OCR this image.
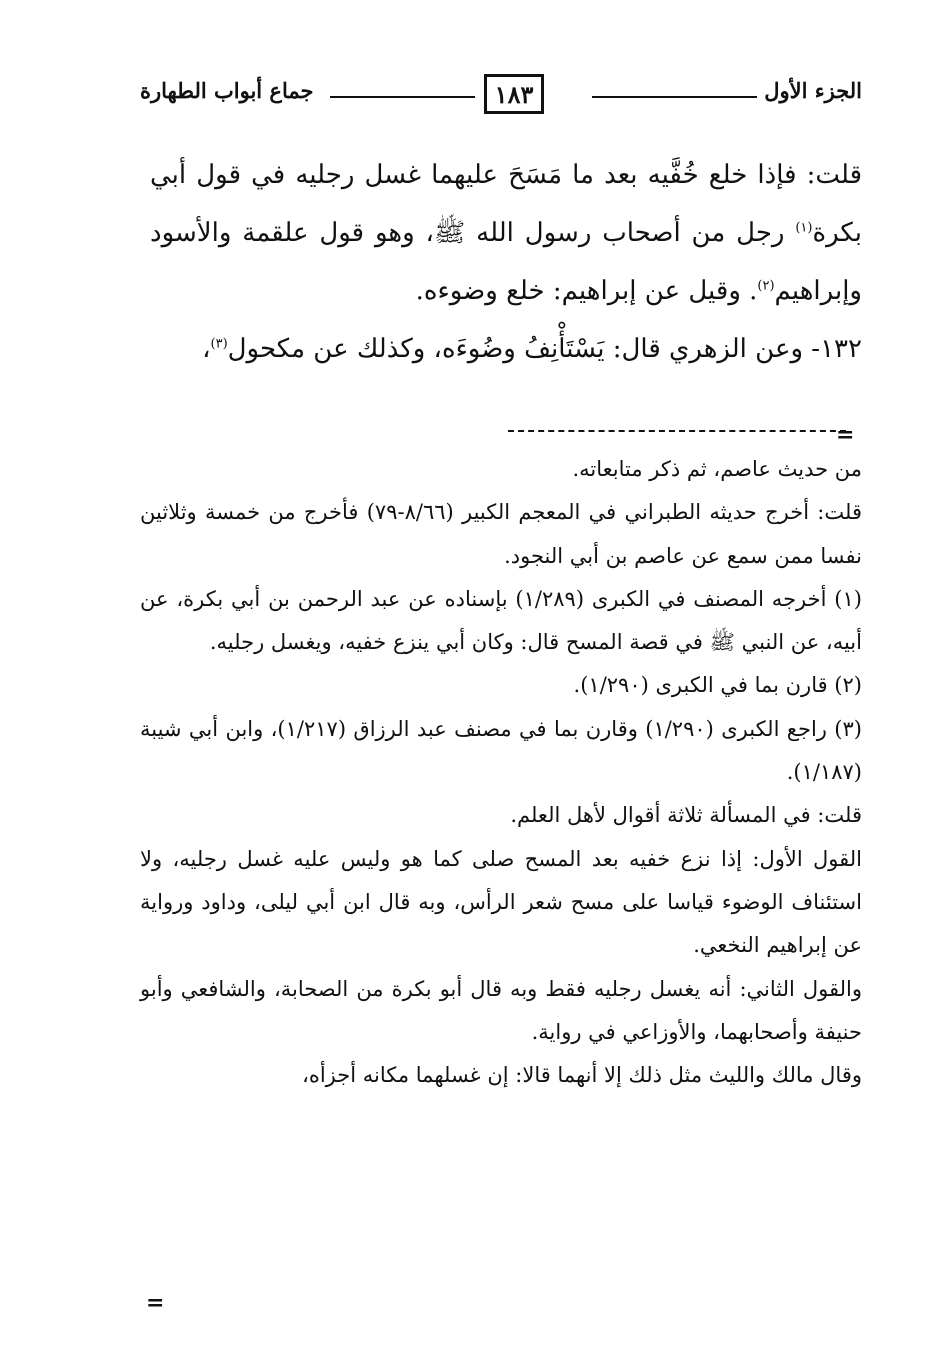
الجزء الأول
١٨٣
جماع أبواب الطهارة

قلت: فإذا خلع خُفَّيه بعد ما مَسَحَ عليهما غسل رجليه في قول أبي بكرة$^{(١)}$ رجل من أصحاب رسول الله ﷺ، وهو قول علقمة والأسود وإبراهيم$^{(٢)}$. وقيل عن إبراهيم: خلع وضوءه.

١٣٢- وعن الزهري قال: يَسْتَأْنِفُ وضُوءَه، وكذلك عن مكحول$^{(٣)}$،

=

من حديث عاصم، ثم ذكر متابعاته.

قلت: أخرج حديثه الطبراني في المعجم الكبير (٨/٦٦-٧٩) فأخرج من خمسة وثلاثين نفسا ممن سمع عن عاصم بن أبي النجود.

(١) أخرجه المصنف في الكبرى (١/٢٨٩) بإسناده عن عبد الرحمن بن أبي بكرة، عن أبيه، عن النبي ﷺ في قصة المسح قال: وكان أبي ينزع خفيه، ويغسل رجليه.

(٢) قارن بما في الكبرى (١/٢٩٠).

(٣) راجع الكبرى (١/٢٩٠) وقارن بما في مصنف عبد الرزاق (١/٢١٧)، وابن أبي شيبة (١/١٨٧).

قلت: في المسألة ثلاثة أقوال لأهل العلم.

القول الأول: إذا نزع خفيه بعد المسح صلى كما هو وليس عليه غسل رجليه، ولا استئناف الوضوء قياسا على مسح شعر الرأس، وبه قال ابن أبي ليلى، وداود ورواية عن إبراهيم النخعي.

والقول الثاني: أنه يغسل رجليه فقط وبه قال أبو بكرة من الصحابة، والشافعي وأبو حنيفة وأصحابهما، والأوزاعي في رواية.

وقال مالك والليث مثل ذلك إلا أنهما قالا: إن غسلهما مكانه أجزأه،

=
